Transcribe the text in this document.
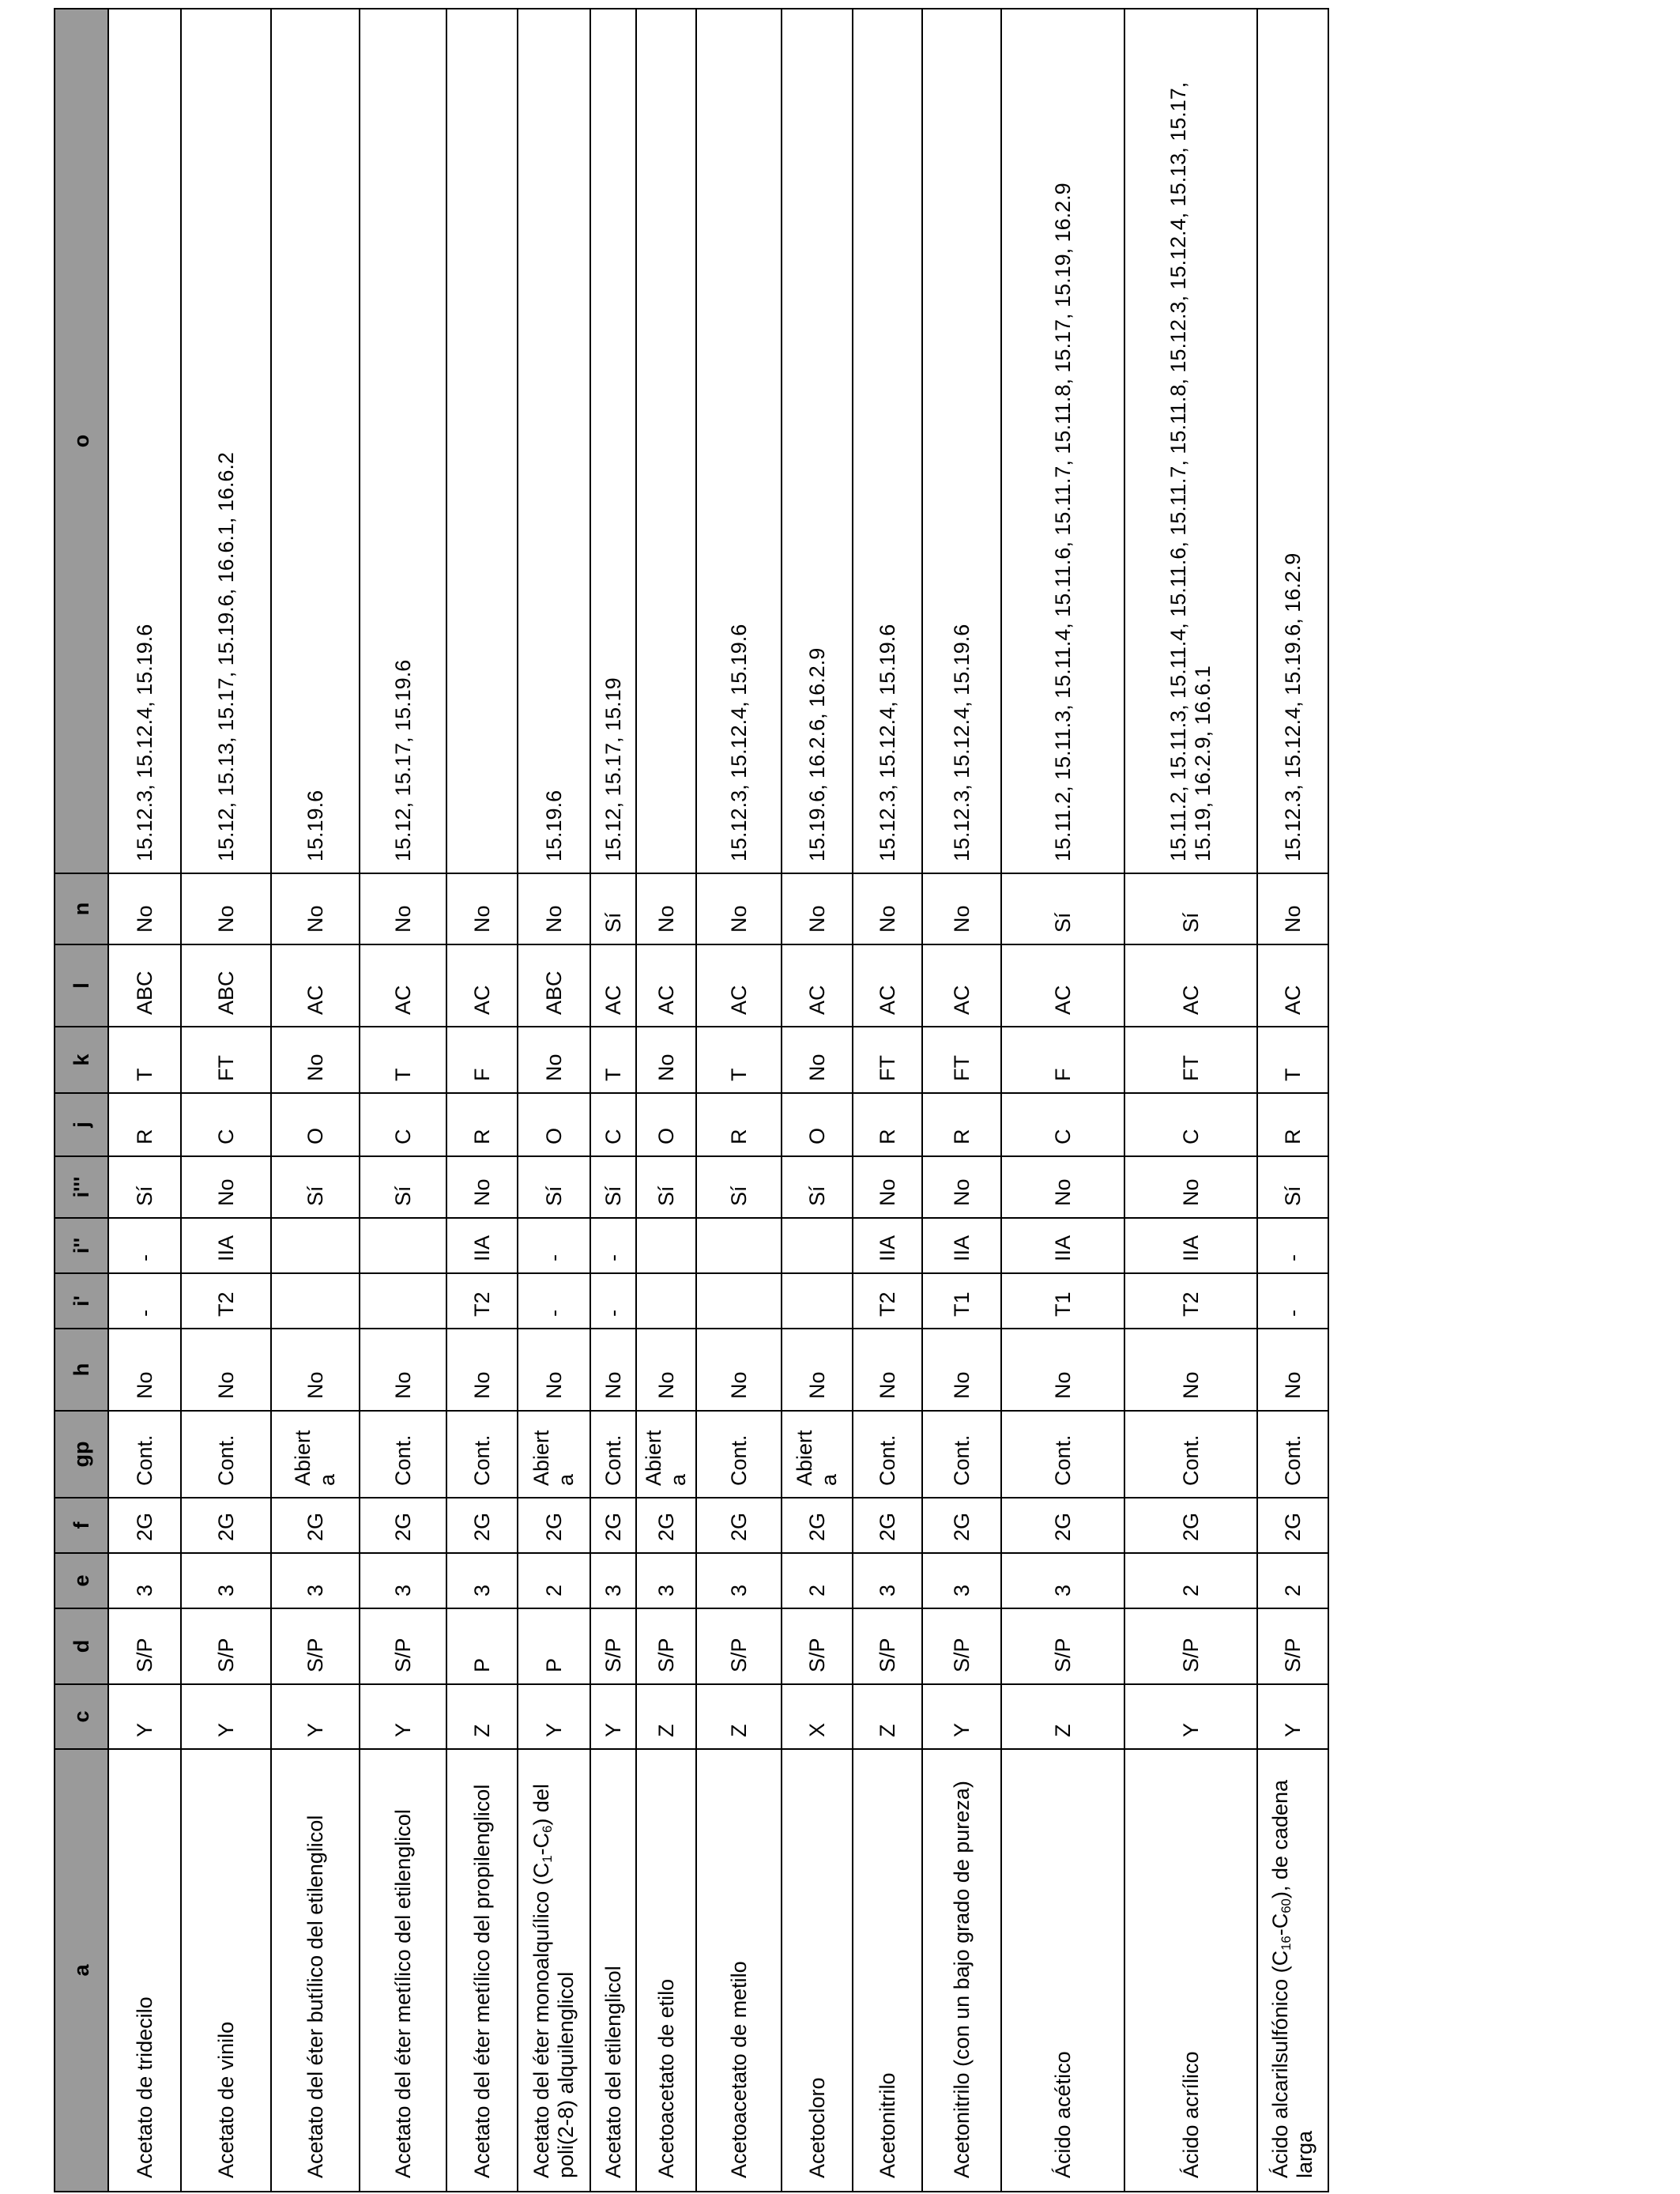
a	c	d	e	f	gp	h	i'	i''	i'''	j	k	l	n	o
Acetato de tridecilo	Y	S/P	3	2G	Cont.	No	-	-	Sí	R	T	ABC	No	15.12.3, 15.12.4, 15.19.6
Acetato de vinilo	Y	S/P	3	2G	Cont.	No	T2	IIA	No	C	FT	ABC	No	15.12, 15.13, 15.17, 15.19.6, 16.6.1, 16.6.2
Acetato del éter butílico del etilenglicol	Y	S/P	3	2G	Abierta	No			Sí	O	No	AC	No	15.19.6
Acetato del éter metílico del etilenglicol	Y	S/P	3	2G	Cont.	No			Sí	C	T	AC	No	15.12, 15.17, 15.19.6
Acetato del éter metílico del propilenglicol	Z	P	3	2G	Cont.	No	T2	IIA	No	R	F	AC	No	
Acetato del éter monoalquílico $(C_1-C_6)$ del poli(2-8) alquilenglicol	Y	P	2	2G	Abierta	No	-	-	Sí	O	No	ABC	No	15.19.6
Acetato del etilenglicol	Y	S/P	3	2G	Cont.	No	-	-	Sí	C	T	AC	Sí	15.12, 15.17, 15.19
Acetoacetato de etilo	Z	S/P	3	2G	Abierta	No			Sí	O	No	AC	No	
Acetoacetato de metilo	Z	S/P	3	2G	Cont.	No			Sí	R	T	AC	No	15.12.3, 15.12.4, 15.19.6
Acetocloro	X	S/P	2	2G	Abierta	No			Sí	O	No	AC	No	15.19.6, 16.2.6, 16.2.9
Acetonitrilo	Z	S/P	3	2G	Cont.	No	T2	IIA	No	R	FT	AC	No	15.12.3, 15.12.4, 15.19.6
Acetonitrilo (con un bajo grado de pureza)	Y	S/P	3	2G	Cont.	No	T1	IIA	No	R	FT	AC	No	15.12.3, 15.12.4, 15.19.6
Ácido acético	Z	S/P	3	2G	Cont.	No	T1	IIA	No	C	F	AC	Sí	15.11.2, 15.11.3, 15.11.4, 15.11.6, 15.11.7, 15.11.8, 15.17, 15.19, 16.2.9
Ácido acrílico	Y	S/P	2	2G	Cont.	No	T2	IIA	No	C	FT	AC	Sí	15.11.2, 15.11.3, 15.11.4, 15.11.6, 15.11.7, 15.11.8, 15.12.3, 15.12.4, 15.13, 15.17, 15.19, 16.2.9, 16.6.1
Ácido alcarilsulfónico $(C_{16}-C_{60})$, de cadena larga	Y	S/P	2	2G	Cont.	No	-	-	Sí	R	T	AC	No	15.12.3, 15.12.4, 15.19.6, 16.2.9
